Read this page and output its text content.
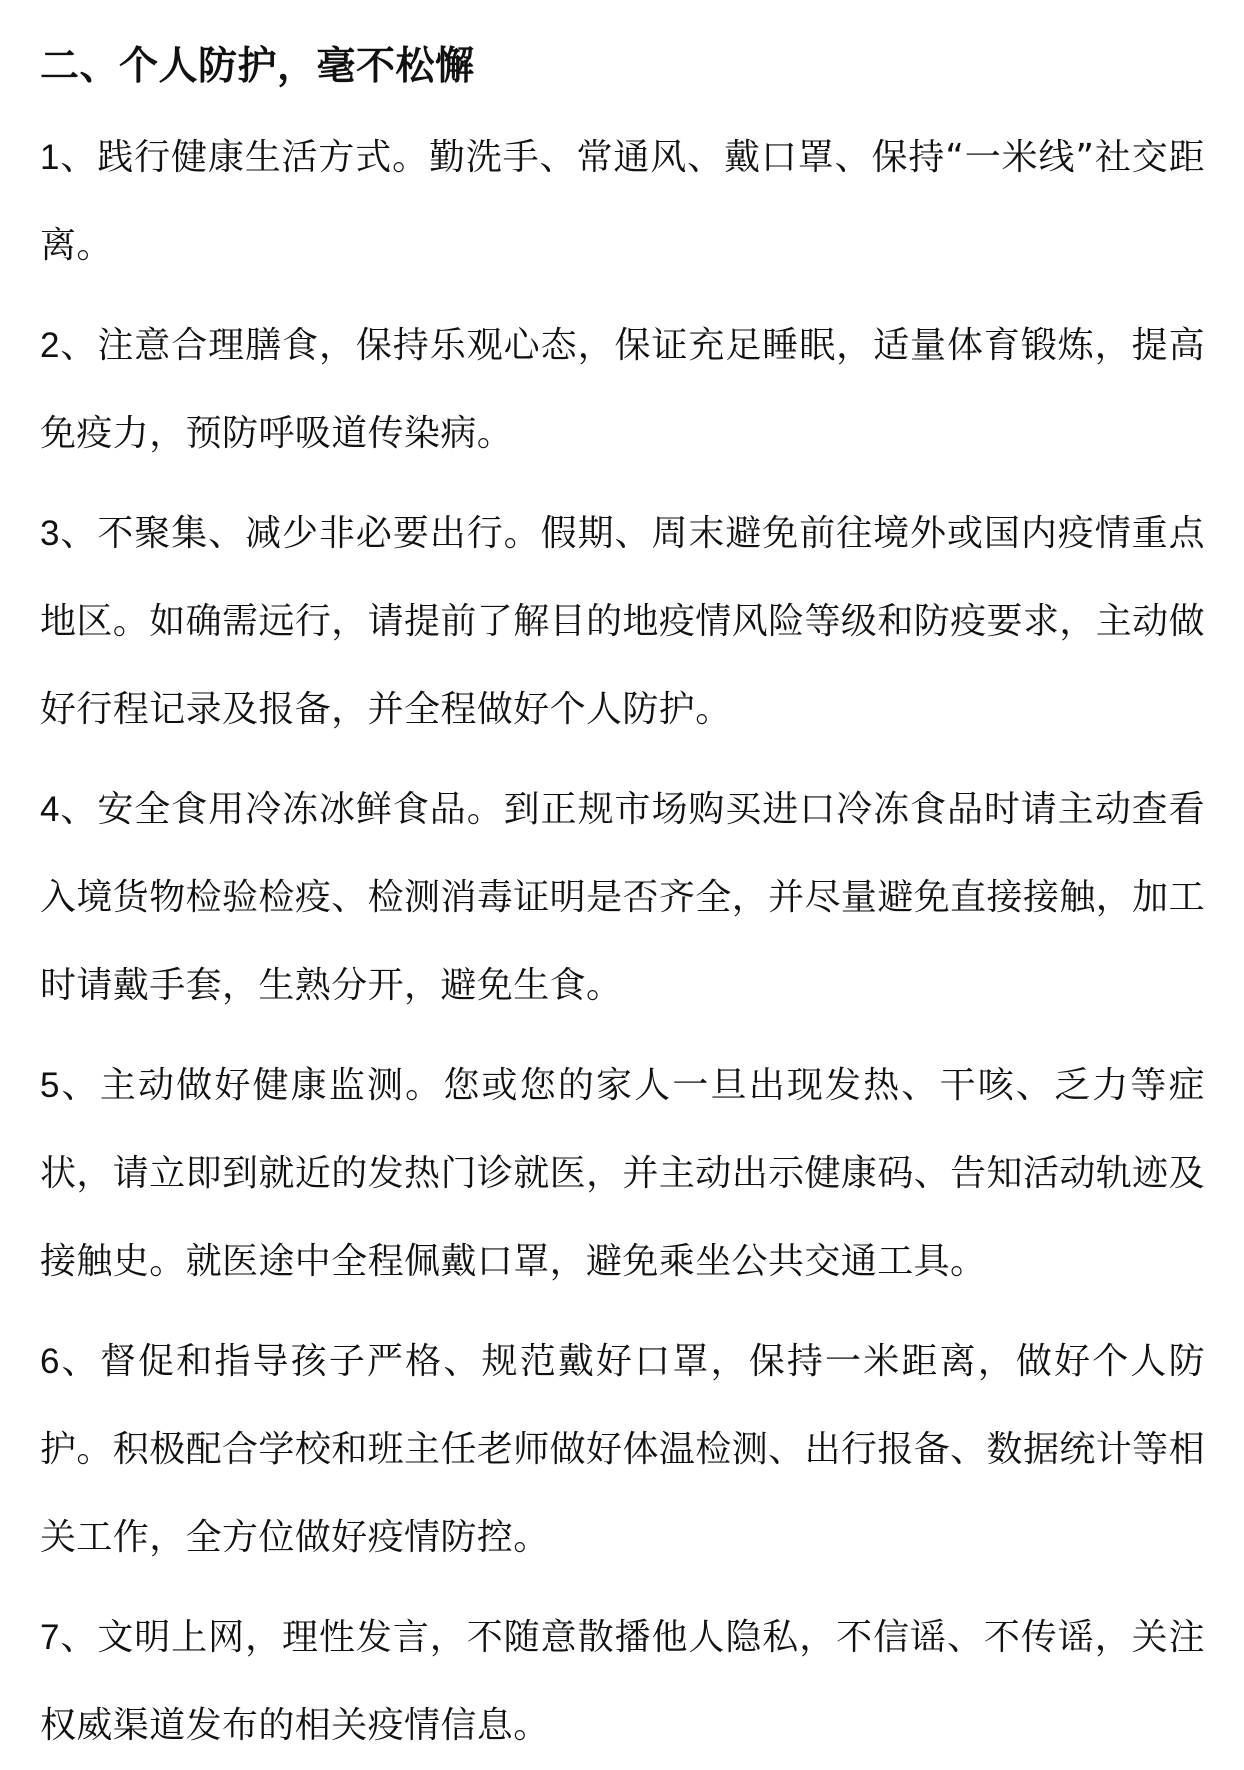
二、个人防护，毫不松懈

1、践行健康生活方式。勤洗手、常通风、戴口罩、保持“一米线”社交距离。

2、注意合理膳食，保持乐观心态，保证充足睡眠，适量体育锻炼，提高免疫力，预防呼吸道传染病。

3、不聚集、减少非必要出行。假期、周末避免前往境外或国内疫情重点地区。如确需远行，请提前了解目的地疫情风险等级和防疫要求，主动做好行程记录及报备，并全程做好个人防护。

4、安全食用冷冻冰鲜食品。到正规市场购买进口冷冻食品时请主动查看入境货物检验检疫、检测消毒证明是否齐全，并尽量避免直接接触，加工时请戴手套，生熟分开，避免生食。

5、主动做好健康监测。您或您的家人一旦出现发热、干咳、乏力等症状，请立即到就近的发热门诊就医，并主动出示健康码、告知活动轨迹及接触史。就医途中全程佩戴口罩，避免乘坐公共交通工具。

6、督促和指导孩子严格、规范戴好口罩，保持一米距离，做好个人防护。积极配合学校和班主任老师做好体温检测、出行报备、数据统计等相关工作，全方位做好疫情防控。

7、文明上网，理性发言，不随意散播他人隐私，不信谣、不传谣，关注权威渠道发布的相关疫情信息。
